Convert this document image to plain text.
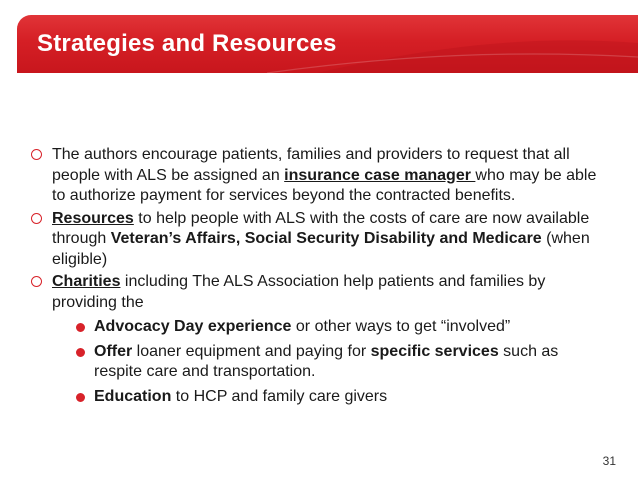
Strategies and Resources
The authors encourage patients, families and providers to request that all people with ALS be assigned an insurance case manager who may be able to authorize payment for services beyond the contracted benefits.
Resources to help people with ALS with the costs of care are now available through Veteran’s Affairs, Social Security Disability and Medicare (when eligible)
Charities including The ALS Association help patients and families by providing the
Advocacy Day experience or other ways to get “involved”
Offer loaner equipment and paying for specific services such as respite care and transportation.
Education to HCP and family care givers
31
